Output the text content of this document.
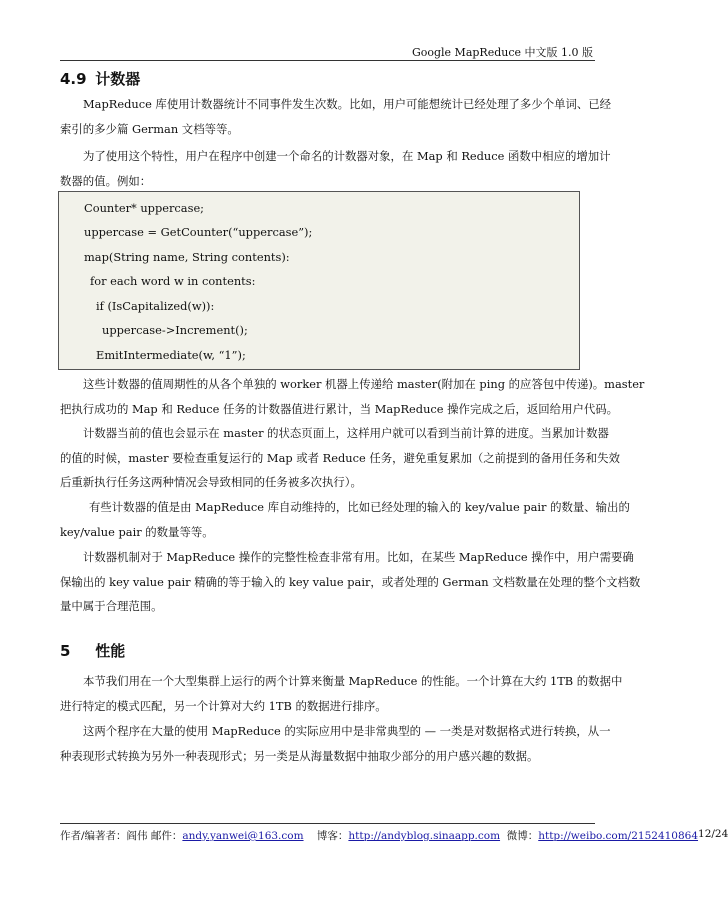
Google MapReduce 中文版 1.0 版
4.9 计数器
MapReduce 库使用计数器统计不同事件发生次数。比如，用户可能想统计已经处理了多少个单词、已经
索引的多少篇 German 文档等等。
为了使用这个特性，用户在程序中创建一个命名的计数器对象，在 Map 和 Reduce 函数中相应的增加计
数器的值。例如：
Counter* uppercase;
uppercase = GetCounter(“uppercase”);
map(String name, String contents):
for each word w in contents:
if (IsCapitalized(w)):
uppercase->Increment();
EmitIntermediate(w, “1”);
这些计数器的值周期性的从各个单独的 worker 机器上传递给 master(附加在 ping 的应答包中传递)。master
把执行成功的 Map 和 Reduce 任务的计数器值进行累计，当 MapReduce 操作完成之后，返回给用户代码。
计数器当前的值也会显示在 master 的状态页面上，这样用户就可以看到当前计算的进度。当累加计数器
的值的时候，master 要检查重复运行的 Map 或者 Reduce 任务，避免重复累加（之前提到的备用任务和失效
后重新执行任务这两种情况会导致相同的任务被多次执行）。
有些计数器的值是由 MapReduce 库自动维持的，比如已经处理的输入的 key/value pair 的数量、输出的
key/value pair 的数量等等。
计数器机制对于 MapReduce 操作的完整性检查非常有用。比如，在某些 MapReduce 操作中，用户需要确
保输出的 key value pair 精确的等于输入的 key value pair，或者处理的 German 文档数量在处理的整个文档数
量中属于合理范围。
5 性能
本节我们用在一个大型集群上运行的两个计算来衡量 MapReduce 的性能。一个计算在大约 1TB 的数据中
进行特定的模式匹配，另一个计算对大约 1TB 的数据进行排序。
这两个程序在大量的使用 MapReduce 的实际应用中是非常典型的 — 一类是对数据格式进行转换，从一
种表现形式转换为另外一种表现形式；另一类是从海量数据中抽取少部分的用户感兴趣的数据。
作者/编著者：阎伟 邮件：andy.yanwei@163.com 博客：http://andyblog.sinaapp.com 微博：http://weibo.com/2152410864 12/24
